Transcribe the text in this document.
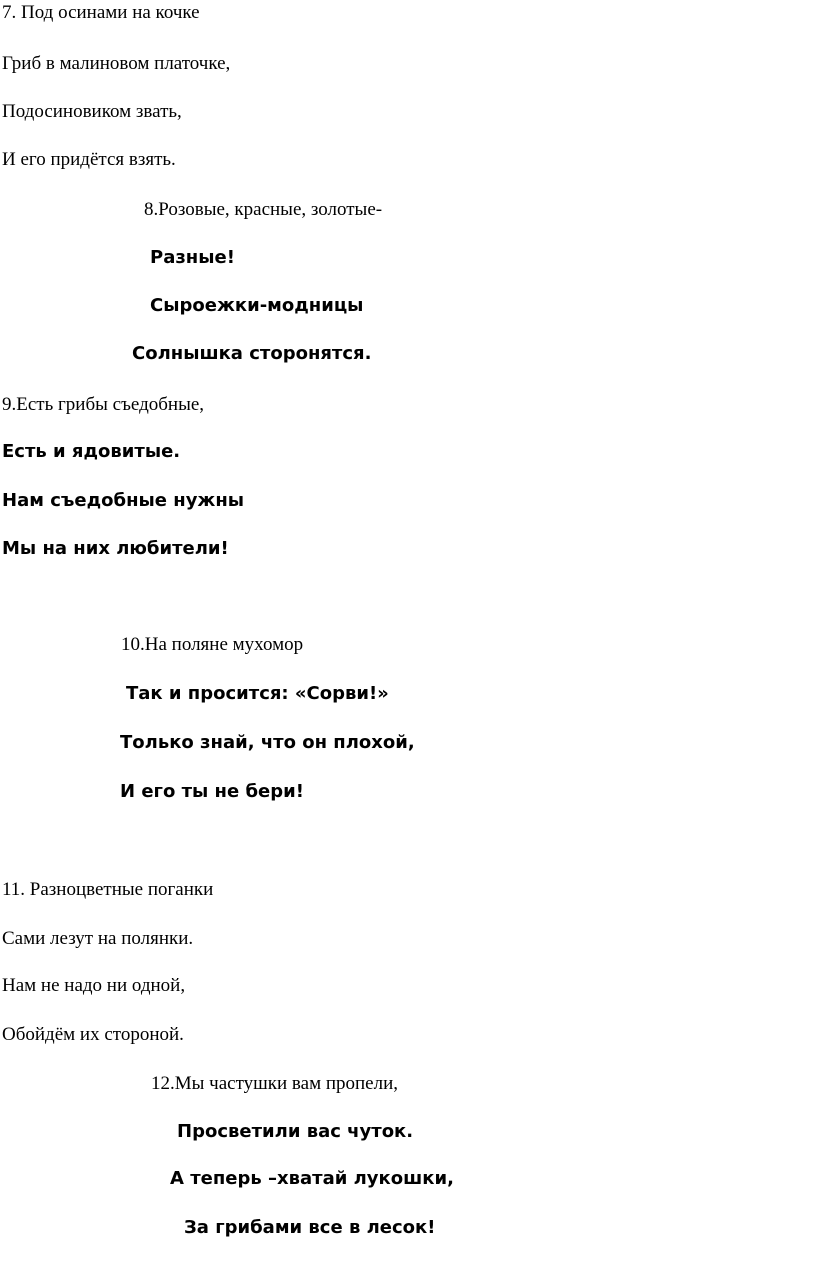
7. Под осинами на кочке
Гриб в малиновом платочке,
Подосиновиком звать,
И его придётся взять.
8.Розовые, красные, золотые-
Разные!
Сыроежки-модницы
Солнышка сторонятся.
9.Есть грибы съедобные,
Есть и ядовитые.
Нам съедобные нужны
Мы на них любители!
10.На поляне мухомор
Так и просится: «Сорви!»
Только знай, что он плохой,
И его ты не бери!
11. Разноцветные поганки
Сами лезут на полянки.
Нам не надо ни одной,
Обойдём их стороной.
12.Мы частушки вам пропели,
Просветили вас чуток.
А теперь –хватай лукошки,
За грибами все в лесок!
